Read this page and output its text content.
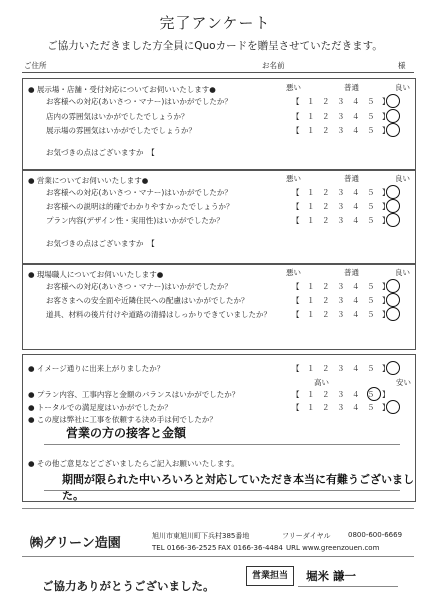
完了アンケート
ご協力いただきました方全員にQuoカードを贈呈させていただきます。
ご住所	お名前	様
● 展示場・店舗・受付対応についてお伺いいたします●	悪い	普通	良い
お客様への対応(あいさつ・マナー)はいかがでしたか？	【　１　２　３　４　５　】
店内の雰囲気はいかがでしたでしょうか？	【　１　２　３　４　５　】
展示場の雰囲気はいかがでしたでしょうか？	【　１　２　３　４　５　】
お気づきの点はございますか　【
● 営業についてお伺いいたします●	悪い	普通	良い
お客様への対応(あいさつ・マナー)はいかがでしたか？	【　１　２　３　４　５　】
お客様への説明は的確でわかりやすかったでしょうか？	【　１　２　３　４　５　】
プラン内容(デザイン性・実用性)はいかがでしたか？	【　１　２　３　４　５　】
お気づきの点はございますか　【
● 現場職人についてお伺いいたします●	悪い	普通	良い
お客様への対応(あいさつ・マナー)はいかがでしたか？	【　１　２　３　４　５　】
お客さまへの安全面や近隣住民への配慮はいかがでしたか？	【　１　２　３　４　５　】
道具、材料の後片付けや道路の清掃はしっかりできていましたか？	【　１　２　３　４　５　】
● イメージ通りに出来上がりましたか？	【　１　２　３　４　５　】
高い	安い
● プラン内容、工事内容と金額のバランスはいかがでしたか？	【　１　２　３　４　５　】
● トータルでの満足度はいかがでしたか？	【　１　２　３　４　５　】
● この度は弊社に工事を依頼する決め手は何でしたか？
営業の方の接客と金額
● その他ご意見などございましたらご記入お願いいたします。
期間が限られた中いろいろと対応していただき本当に有難うございました。
㈱グリーン造園	旭川市東旭川町下兵村385番地	フリーダイヤル 0800-600-6669
TEL 0166-36-2525 FAX 0166-36-4484 URL www.greenzouen.com
ご協力ありがとうございました。
営業担当	堀米 謙一
